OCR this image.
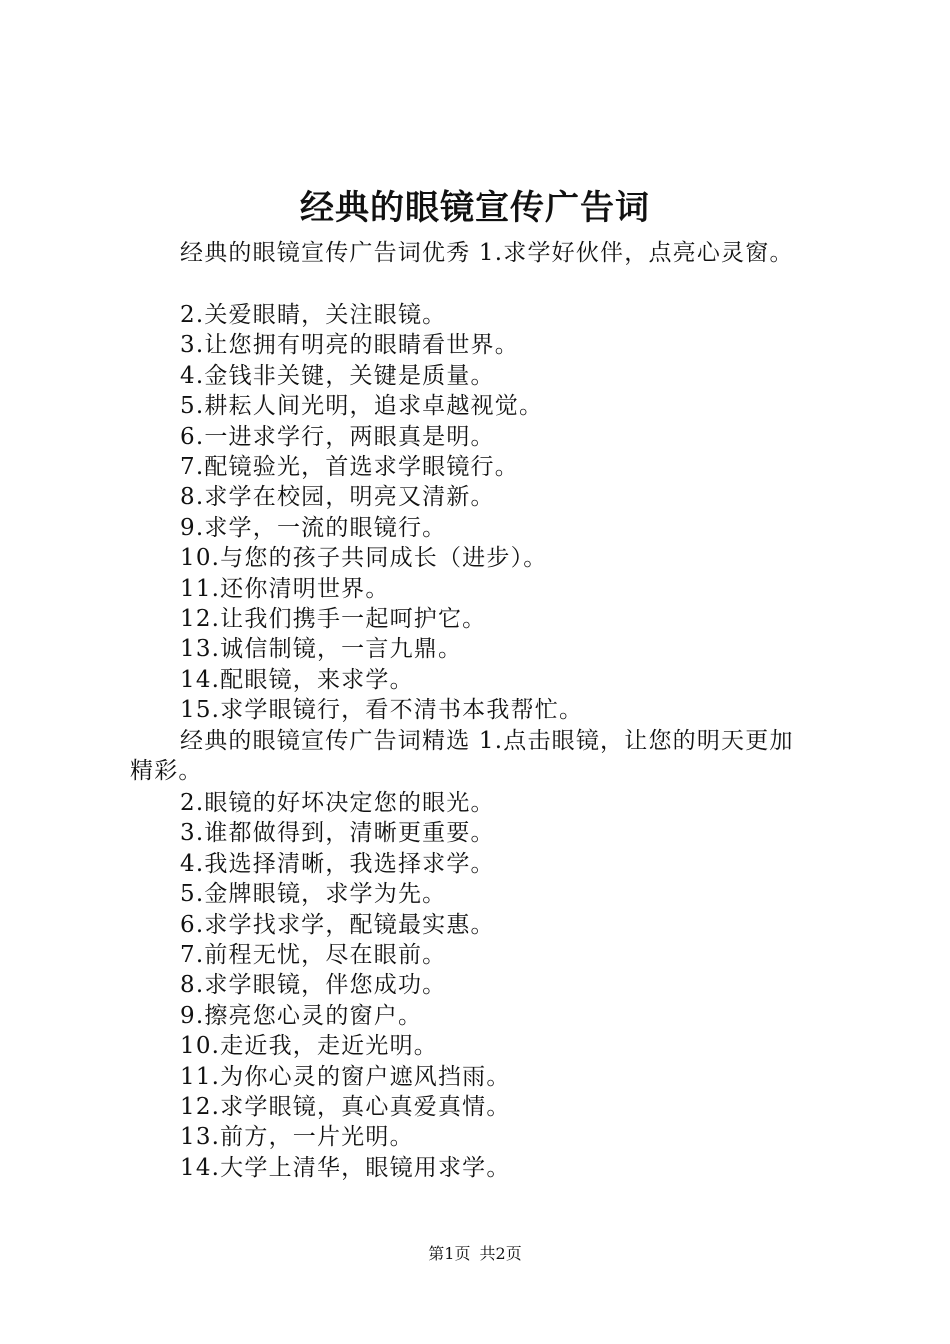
经典的眼镜宣传广告词
经典的眼镜宣传广告词优秀 1.求学好伙伴，点亮心灵窗。
2.关爱眼睛，关注眼镜。
3.让您拥有明亮的眼睛看世界。
4.金钱非关键，关键是质量。
5.耕耘人间光明，追求卓越视觉。
6.一进求学行，两眼真是明。
7.配镜验光，首选求学眼镜行。
8.求学在校园，明亮又清新。
9.求学，一流的眼镜行。
10.与您的孩子共同成长（进步）。
11.还你清明世界。
12.让我们携手一起呵护它。
13.诚信制镜，一言九鼎。
14.配眼镜，来求学。
15.求学眼镜行，看不清书本我帮忙。
经典的眼镜宣传广告词精选 1.点击眼镜，让您的明天更加
精彩。
2.眼镜的好坏决定您的眼光。
3.谁都做得到，清晰更重要。
4.我选择清晰，我选择求学。
5.金牌眼镜，求学为先。
6.求学找求学，配镜最实惠。
7.前程无忧，尽在眼前。
8.求学眼镜，伴您成功。
9.擦亮您心灵的窗户。
10.走近我，走近光明。
11.为你心灵的窗户遮风挡雨。
12.求学眼镜，真心真爱真情。
13.前方，一片光明。
14.大学上清华，眼镜用求学。
第1页 共2页
